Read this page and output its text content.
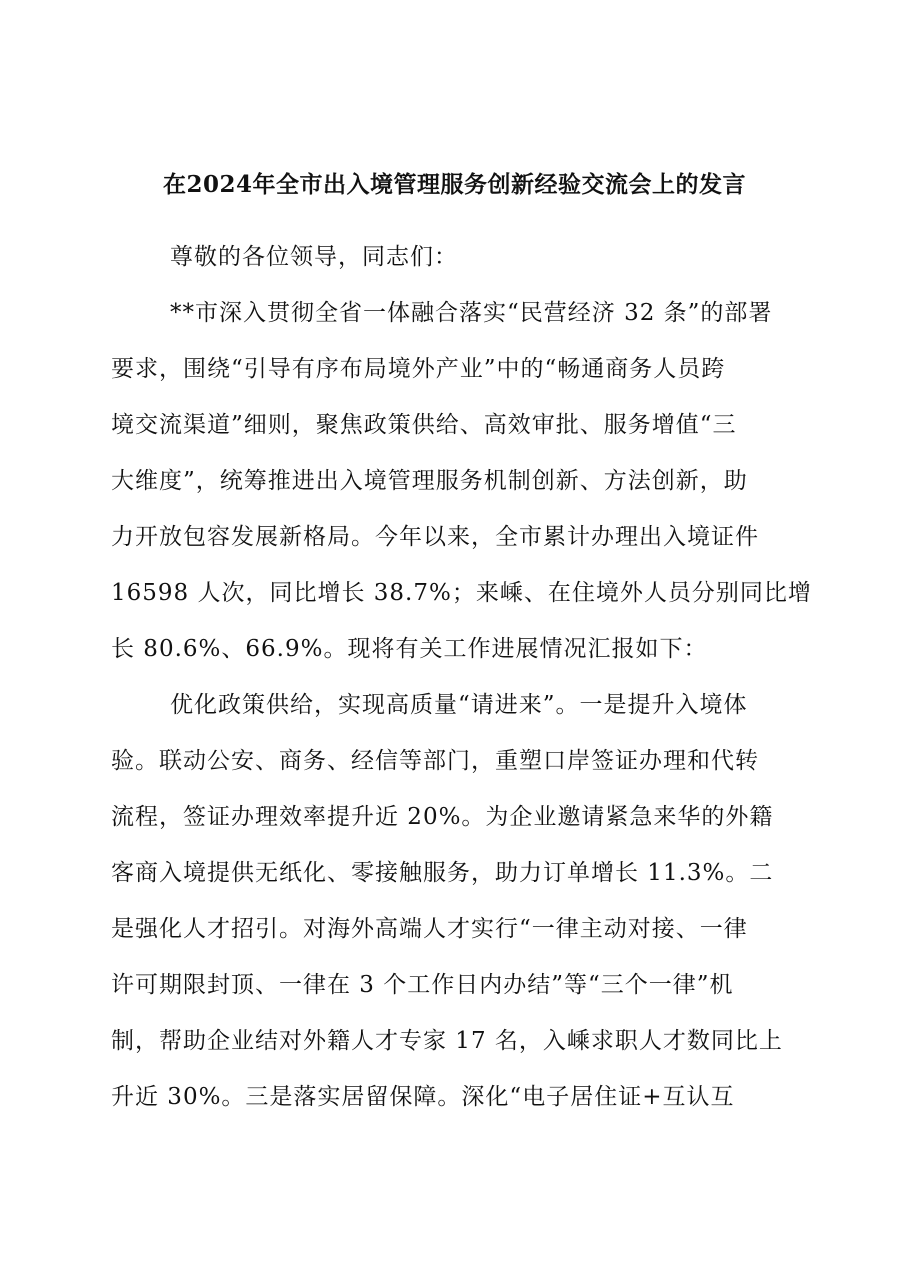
在2024年全市出入境管理服务创新经验交流会上的发言
尊敬的各位领导，同志们：
**市深入贯彻全省一体融合落实“民营经济 32 条”的部署
要求，围绕“引导有序布局境外产业”中的“畅通商务人员跨
境交流渠道”细则，聚焦政策供给、高效审批、服务增值“三
大维度”，统筹推进出入境管理服务机制创新、方法创新，助
力开放包容发展新格局。今年以来，全市累计办理出入境证件
16598 人次，同比增长 38.7%；来嵊、在住境外人员分别同比增
长 80.6%、66.9%。现将有关工作进展情况汇报如下：
优化政策供给，实现高质量“请进来”。一是提升入境体
验。联动公安、商务、经信等部门，重塑口岸签证办理和代转
流程，签证办理效率提升近 20%。为企业邀请紧急来华的外籍
客商入境提供无纸化、零接触服务，助力订单增长 11.3%。二
是强化人才招引。对海外高端人才实行“一律主动对接、一律
许可期限封顶、一律在 3 个工作日内办结”等“三个一律”机
制，帮助企业结对外籍人才专家 17 名，入嵊求职人才数同比上
升近 30%。三是落实居留保障。深化“电子居住证+互认互
